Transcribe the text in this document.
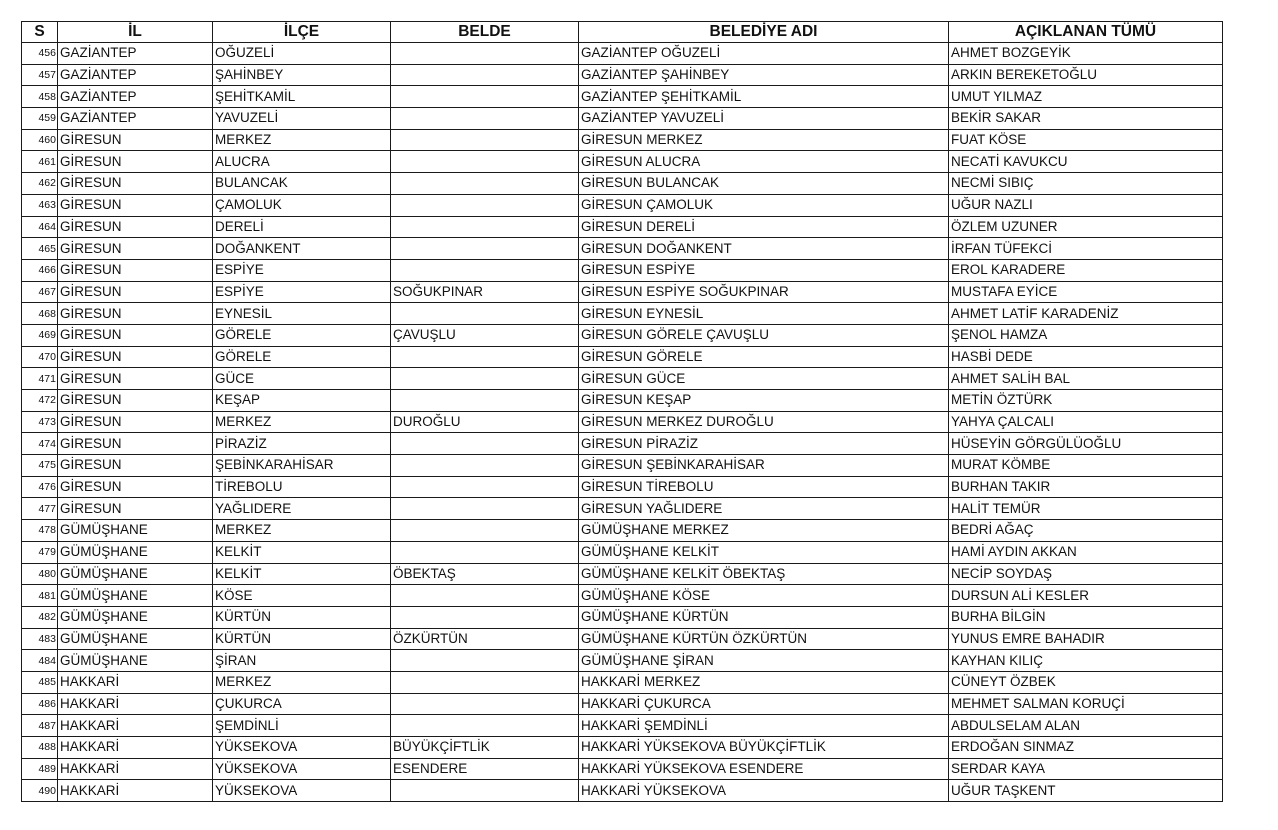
S	İL	İLÇE	BELDE	BELEDİYE ADI	AÇIKLANAN TÜMÜ
456	GAZİANTEP	OĞUZELİ		GAZİANTEP OĞUZELİ	AHMET BOZGEYİK
457	GAZİANTEP	ŞAHİNBEY		GAZİANTEP ŞAHİNBEY	ARKIN BEREKETOĞLU
458	GAZİANTEP	ŞEHİTKAMİL		GAZİANTEP ŞEHİTKAMİL	UMUT YILMAZ
459	GAZİANTEP	YAVUZELİ		GAZİANTEP YAVUZELİ	BEKİR SAKAR
460	GİRESUN	MERKEZ		GİRESUN MERKEZ	FUAT KÖSE
461	GİRESUN	ALUCRA		GİRESUN ALUCRA	NECATİ KAVUKCU
462	GİRESUN	BULANCAK		GİRESUN BULANCAK	NECMİ SIBIÇ
463	GİRESUN	ÇAMOLUK		GİRESUN ÇAMOLUK	UĞUR NAZLI
464	GİRESUN	DERELİ		GİRESUN DERELİ	ÖZLEM UZUNER
465	GİRESUN	DOĞANKENT		GİRESUN DOĞANKENT	İRFAN TÜFEKCİ
466	GİRESUN	ESPİYE		GİRESUN ESPİYE	EROL KARADERE
467	GİRESUN	ESPİYE	SOĞUKPINAR	GİRESUN ESPİYE SOĞUKPINAR	MUSTAFA EYİCE
468	GİRESUN	EYNESİL		GİRESUN EYNESİL	AHMET LATİF KARADENİZ
469	GİRESUN	GÖRELE	ÇAVUŞLU	GİRESUN GÖRELE ÇAVUŞLU	ŞENOL HAMZA
470	GİRESUN	GÖRELE		GİRESUN GÖRELE	HASBİ DEDE
471	GİRESUN	GÜCE		GİRESUN GÜCE	AHMET SALİH BAL
472	GİRESUN	KEŞAP		GİRESUN KEŞAP	METİN ÖZTÜRK
473	GİRESUN	MERKEZ	DUROĞLU	GİRESUN MERKEZ DUROĞLU	YAHYA ÇALCALI
474	GİRESUN	PİRAZİZ		GİRESUN PİRAZİZ	HÜSEYİN GÖRGÜLÜOĞLU
475	GİRESUN	ŞEBİNKARAHİSAR		GİRESUN ŞEBİNKARAHİSAR	MURAT KÖMBE
476	GİRESUN	TİREBOLU		GİRESUN TİREBOLU	BURHAN TAKIR
477	GİRESUN	YAĞLIDERE		GİRESUN YAĞLIDERE	HALİT TEMÜR
478	GÜMÜŞHANE	MERKEZ		GÜMÜŞHANE MERKEZ	BEDRİ AĞAÇ
479	GÜMÜŞHANE	KELKİT		GÜMÜŞHANE KELKİT	HAMİ AYDIN AKKAN
480	GÜMÜŞHANE	KELKİT	ÖBEKTAŞ	GÜMÜŞHANE KELKİT ÖBEKTAŞ	NECİP SOYDAŞ
481	GÜMÜŞHANE	KÖSE		GÜMÜŞHANE KÖSE	DURSUN ALİ KESLER
482	GÜMÜŞHANE	KÜRTÜN		GÜMÜŞHANE KÜRTÜN	BURHA BİLGİN
483	GÜMÜŞHANE	KÜRTÜN	ÖZKÜRTÜN	GÜMÜŞHANE KÜRTÜN ÖZKÜRTÜN	YUNUS EMRE BAHADIR
484	GÜMÜŞHANE	ŞİRAN		GÜMÜŞHANE ŞİRAN	KAYHAN KILIÇ
485	HAKKARİ	MERKEZ		HAKKARİ MERKEZ	CÜNEYT ÖZBEK
486	HAKKARİ	ÇUKURCA		HAKKARİ ÇUKURCA	MEHMET SALMAN KORUÇİ
487	HAKKARİ	ŞEMDİNLİ		HAKKARİ ŞEMDİNLİ	ABDULSELAM ALAN
488	HAKKARİ	YÜKSEKOVA	BÜYÜKÇİFTLİK	HAKKARİ YÜKSEKOVA BÜYÜKÇİFTLİK	ERDOĞAN SINMAZ
489	HAKKARİ	YÜKSEKOVA	ESENDERE	HAKKARİ YÜKSEKOVA ESENDERE	SERDAR KAYA
490	HAKKARİ	YÜKSEKOVA		HAKKARİ YÜKSEKOVA	UĞUR TAŞKENT
